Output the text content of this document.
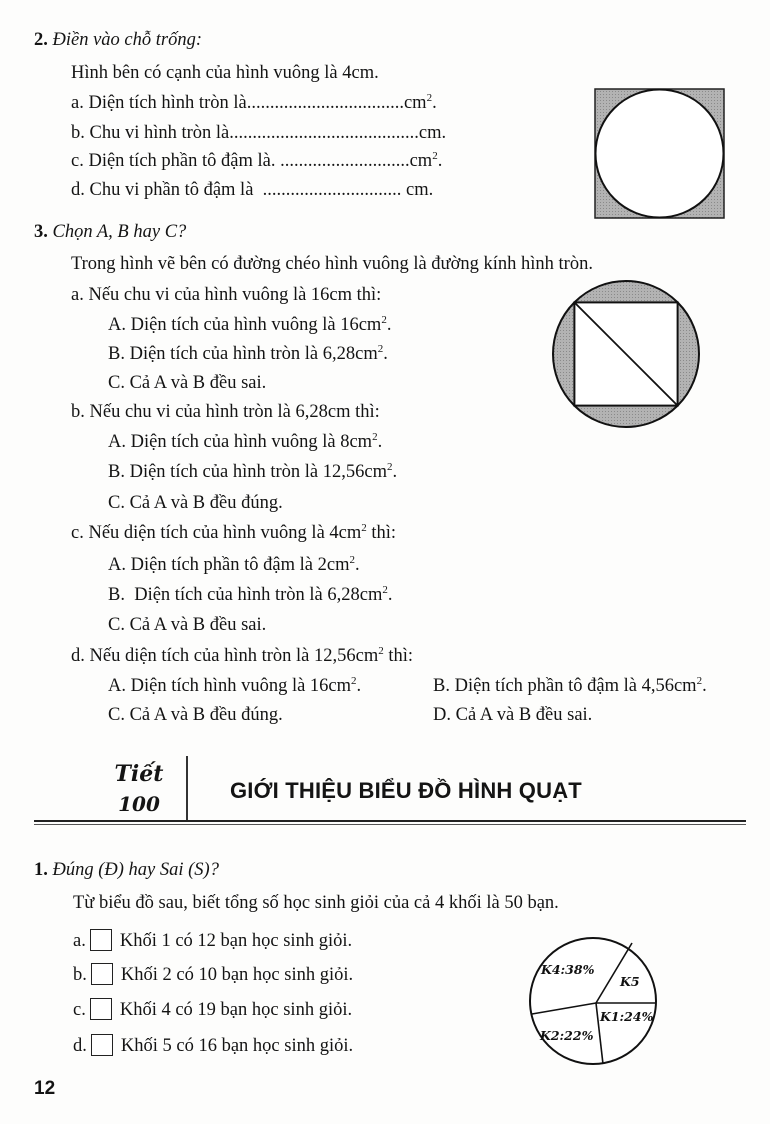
2. Điền vào chỗ trống:
Hình bên có cạnh của hình vuông là 4cm.
a. Diện tích hình tròn $là..................................cm^2$.
b. Chu vi hình tròn là.........................................cm.
c. Diện tích phần tô đậm là. $............................cm^2$.
d. Chu vi phần tô đậm là  .............................. cm.
3. Chọn A, B hay C?
Trong hình vẽ bên có đường chéo hình vuông là đường kính hình tròn.
a. Nếu chu vi của hình vuông là 16cm thì:
A. Diện tích của hình vuông là $16cm^2$.
B. Diện tích của hình tròn là $6,28cm^2$.
C. Cả A và B đều sai.
b. Nếu chu vi của hình tròn là 6,28cm thì:
A. Diện tích của hình vuông là $8cm^2$.
B. Diện tích của hình tròn là $12,56cm^2$.
C. Cả A và B đều đúng.
c. Nếu diện tích của hình vuông là $4cm^2$ thì:
A. Diện tích phần tô đậm là $2cm^2$.
B.  Diện tích của hình tròn là $6,28cm^2$.
C. Cả A và B đều sai.
d. Nếu diện tích của hình tròn là $12,56cm^2$ thì:
A. Diện tích hình vuông là $16cm^2$.	B. Diện tích phần tô đậm là $4,56cm^2$.
C. Cả A và B đều đúng.	D. Cả A và B đều sai.
Tiết
100
GIỚI THIỆU BIỂU ĐỒ HÌNH QUẠT
1. Đúng (Đ) hay Sai (S)?
Từ biểu đồ sau, biết tổng số học sinh giỏi của cả 4 khối là 50 bạn.
a. Khối 1 có 12 bạn học sinh giỏi.
b. Khối 2 có 10 bạn học sinh giỏi.
c. Khối 4 có 19 bạn học sinh giỏi.
d. Khối 5 có 16 bạn học sinh giỏi.
K4:38%
K5
K1:24%
K2:22%
12
